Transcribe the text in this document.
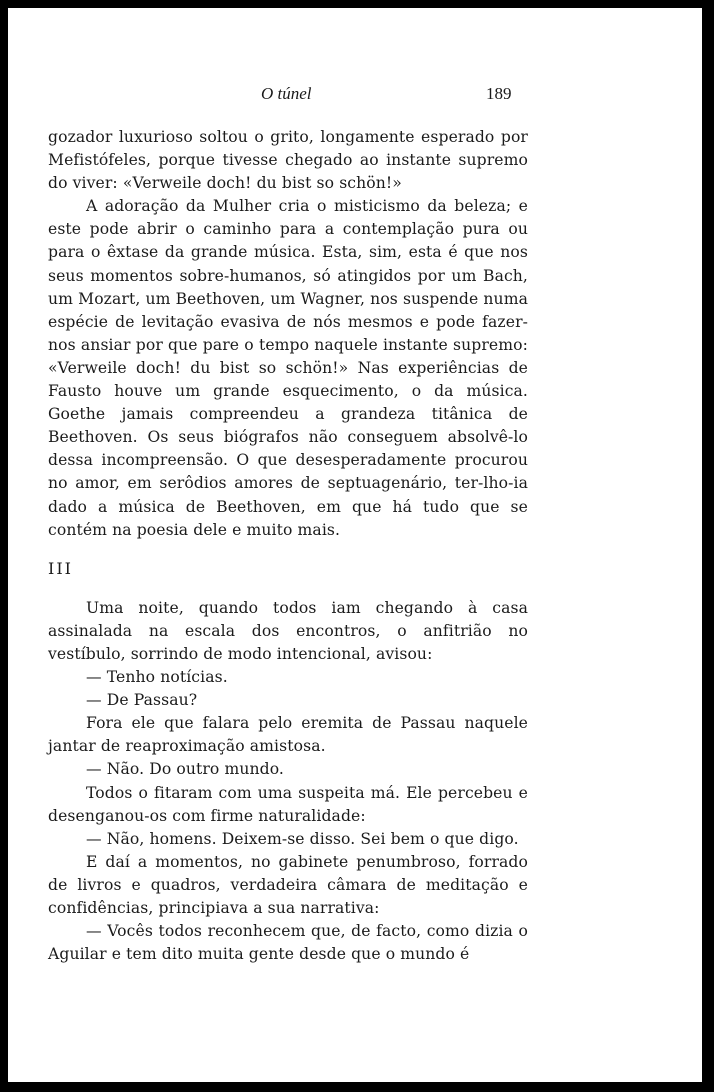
O túnel	189

gozador luxurioso soltou o grito, longamente esperado por Mefistófeles, porque tivesse chegado ao instante supremo do viver: «Verweile doch! du bist so schön!»

A adoração da Mulher cria o misticismo da beleza; e este pode abrir o caminho para a contemplação pura ou para o êxtase da grande música. Esta, sim, esta é que nos seus momentos sobre-humanos, só atingidos por um Bach, um Mozart, um Beethoven, um Wagner, nos suspende numa espécie de levitação evasiva de nós mesmos e pode fazer-nos ansiar por que pare o tempo naquele instante supremo: «Verweile doch! du bist so schön!» Nas experiências de Fausto houve um grande esquecimento, o da música. Goethe jamais compreendeu a grandeza titânica de Beethoven. Os seus biógrafos não conseguem absolvê-lo dessa incompreensão. O que desesperadamente procurou no amor, em serôdios amores de septuagenário, ter-lho-ia dado a música de Beethoven, em que há tudo que se contém na poesia dele e muito mais.

III

Uma noite, quando todos iam chegando à casa assinalada na escala dos encontros, o anfitrião no vestíbulo, sorrindo de modo intencional, avisou:

— Tenho notícias.

— De Passau?

Fora ele que falara pelo eremita de Passau naquele jantar de reaproximação amistosa.

— Não. Do outro mundo.

Todos o fitaram com uma suspeita má. Ele percebeu e desenganou-os com firme naturalidade:

— Não, homens. Deixem-se disso. Sei bem o que digo.

E daí a momentos, no gabinete penumbroso, forrado de livros e quadros, verdadeira câmara de meditação e confidências, principiava a sua narrativa:

— Vocês todos reconhecem que, de facto, como dizia o Aguilar e tem dito muita gente desde que o mundo é
